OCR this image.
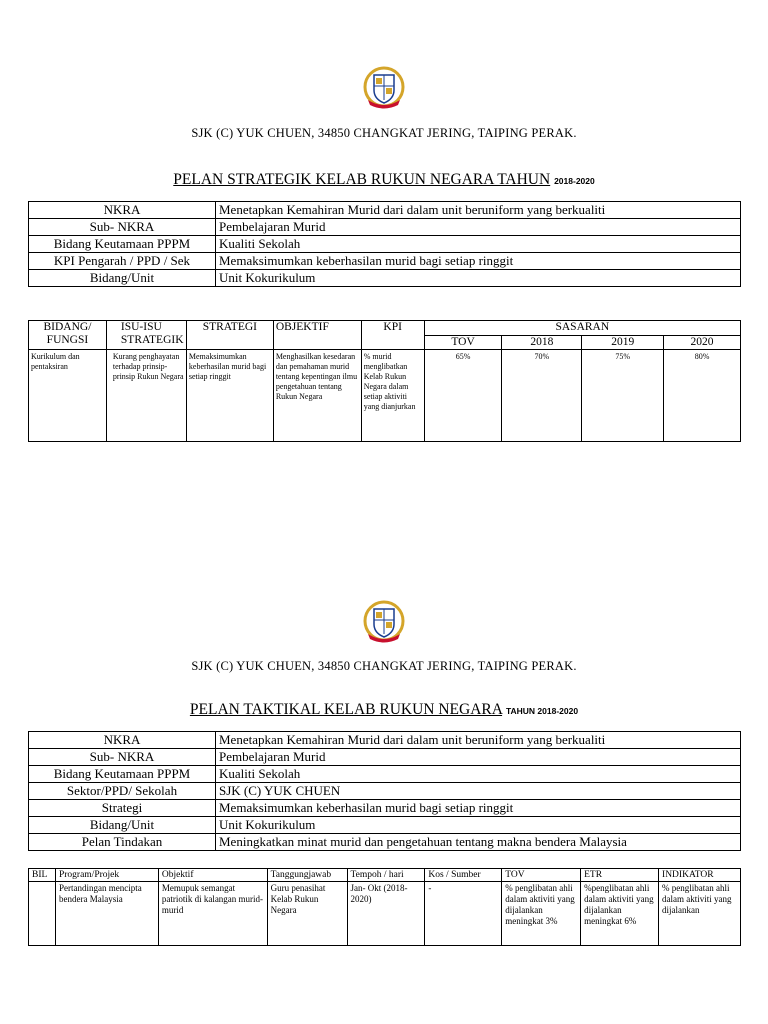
SJK (C) YUK CHUEN, 34850 CHANGKAT JERING, TAIPING PERAK.
PELAN STRATEGIK KELAB RUKUN NEGARA TAHUN 2018-2020
NKRA	Menetapkan Kemahiran Murid dari dalam unit beruniform yang berkualiti
Sub- NKRA	Pembelajaran Murid
Bidang Keutamaan PPPM	Kualiti Sekolah
KPI Pengarah / PPD / Sek	Memaksimumkan keberhasilan murid bagi setiap ringgit
Bidang/Unit	Unit Kokurikulum
BIDANG/ FUNGSI	ISU-ISU STRATEGIK	STRATEGI	OBJEKTIF	KPI	SASARAN			
					TOV	2018	2019	2020
Kurikulum dan pentaksiran	Kurang penghayatan terhadap prinsip-prinsip Rukun Negara	Memaksimumkan keberhasilan murid bagi setiap ringgit	Menghasilkan kesedaran dan pemahaman murid tentang kepentingan ilmu pengetahuan tentang Rukun Negara	% murid menglibatkan Kelab Rukun Negara dalam setiap aktiviti yang dianjurkan	65%	70%	75%	80%
SJK (C) YUK CHUEN, 34850 CHANGKAT JERING, TAIPING PERAK.
PELAN TAKTIKAL KELAB RUKUN NEGARA TAHUN 2018-2020
NKRA	Menetapkan Kemahiran Murid dari dalam unit beruniform yang berkualiti
Sub- NKRA	Pembelajaran Murid
Bidang Keutamaan PPPM	Kualiti Sekolah
Sektor/PPD/ Sekolah	SJK (C) YUK CHUEN
Strategi	Memaksimumkan keberhasilan murid bagi setiap ringgit
Bidang/Unit	Unit Kokurikulum
Pelan Tindakan	Meningkatkan minat murid dan pengetahuan tentang makna bendera Malaysia
BIL	Program/Projek	Objektif	Tanggungjawab	Tempoh / hari	Kos / Sumber	TOV	ETR	INDIKATOR
	Pertandingan mencipta bendera Malaysia	Memupuk semangat patriotik di kalangan murid-murid	Guru penasihat Kelab Rukun Negara	Jan- Okt (2018-2020)	-	% penglibatan ahli dalam aktiviti yang dijalankan meningkat 3%	%penglibatan ahli dalam aktiviti yang dijalankan meningkat 6%	% penglibatan ahli dalam aktiviti yang dijalankan
